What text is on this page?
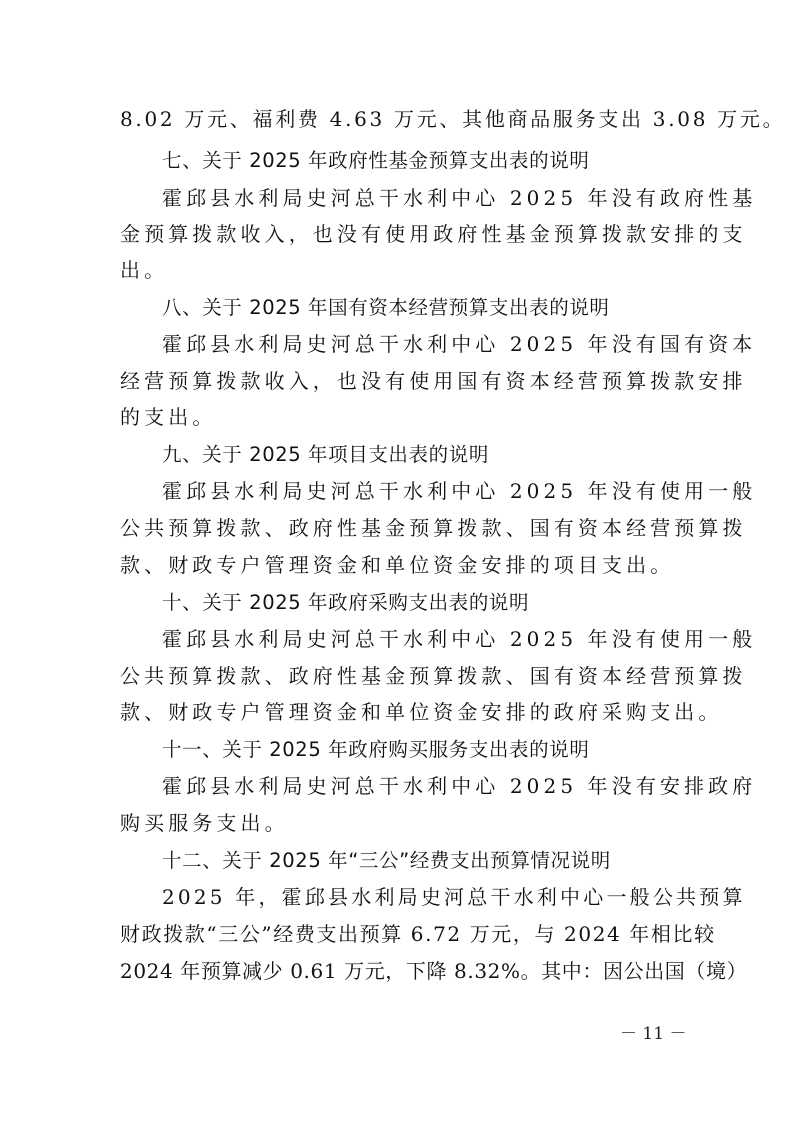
8.02 万元、福利费 4.63 万元、其他商品服务支出 3.08 万元。
七、关于 2025 年政府性基金预算支出表的说明
霍邱县水利局史河总干水利中心 2025 年没有政府性基
金预算拨款收入，也没有使用政府性基金预算拨款安排的支
出。
八、关于 2025 年国有资本经营预算支出表的说明
霍邱县水利局史河总干水利中心 2025 年没有国有资本
经营预算拨款收入，也没有使用国有资本经营预算拨款安排
的支出。
九、关于 2025 年项目支出表的说明
霍邱县水利局史河总干水利中心 2025 年没有使用一般
公共预算拨款、政府性基金预算拨款、国有资本经营预算拨
款、财政专户管理资金和单位资金安排的项目支出。
十、关于 2025 年政府采购支出表的说明
霍邱县水利局史河总干水利中心 2025 年没有使用一般
公共预算拨款、政府性基金预算拨款、国有资本经营预算拨
款、财政专户管理资金和单位资金安排的政府采购支出。
十一、关于 2025 年政府购买服务支出表的说明
霍邱县水利局史河总干水利中心 2025 年没有安排政府
购买服务支出。
十二、关于 2025 年“三公”经费支出预算情况说明
2025 年，霍邱县水利局史河总干水利中心一般公共预算
财政拨款“三公”经费支出预算 6.72 万元，与 2024 年相比较
2024 年预算减少 0.61 万元，下降 8.32%。其中：因公出国（境）
－ 11 －
